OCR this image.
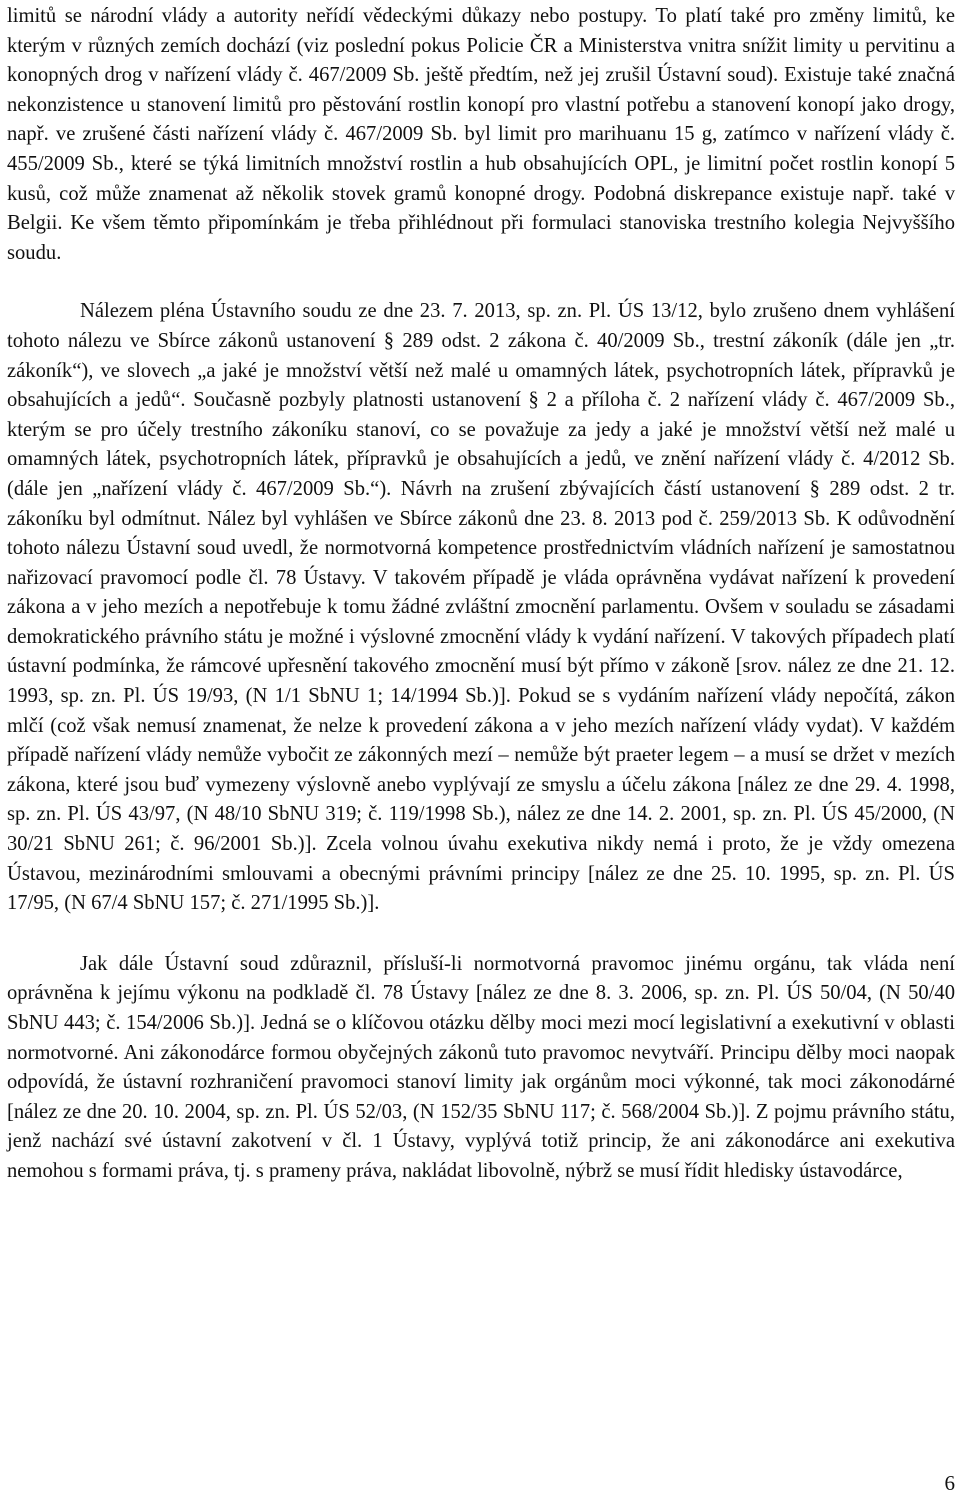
limitů se národní vlády a autority neřídí vědeckými důkazy nebo postupy. To platí také pro změny limitů, ke kterým v různých zemích dochází (viz poslední pokus Policie ČR a Ministerstva vnitra snížit limity u pervitinu a konopných drog v nařízení vlády č. 467/2009 Sb. ještě předtím, než jej zrušil Ústavní soud). Existuje také značná nekonzistence u stanovení limitů pro pěstování rostlin konopí pro vlastní potřebu a stanovení konopí jako drogy, např. ve zrušené části nařízení vlády č. 467/2009 Sb. byl limit pro marihuanu 15 g, zatímco v nařízení vlády č. 455/2009 Sb., které se týká limitních množství rostlin a hub obsahujících OPL, je limitní počet rostlin konopí 5 kusů, což může znamenat až několik stovek gramů konopné drogy. Podobná diskrepance existuje např. také v Belgii. Ke všem těmto připomínkám je třeba přihlédnout při formulaci stanoviska trestního kolegia Nejvyššího soudu.

Nálezem pléna Ústavního soudu ze dne 23. 7. 2013, sp. zn. Pl. ÚS 13/12, bylo zrušeno dnem vyhlášení tohoto nálezu ve Sbírce zákonů ustanovení § 289 odst. 2 zákona č. 40/2009 Sb., trestní zákoník (dále jen „tr. zákoník“), ve slovech „a jaké je množství větší než malé u omamných látek, psychotropních látek, přípravků je obsahujících a jedů“. Současně pozbyly platnosti ustanovení § 2 a příloha č. 2 nařízení vlády č. 467/2009 Sb., kterým se pro účely trestního zákoníku stanoví, co se považuje za jedy a jaké je množství větší než malé u omamných látek, psychotropních látek, přípravků je obsahujících a jedů, ve znění nařízení vlády č. 4/2012 Sb. (dále jen „nařízení vlády č. 467/2009 Sb.“). Návrh na zrušení zbývajících částí ustanovení § 289 odst. 2 tr. zákoníku byl odmítnut. Nález byl vyhlášen ve Sbírce zákonů dne 23. 8. 2013 pod č. 259/2013 Sb. K odůvodnění tohoto nálezu Ústavní soud uvedl, že normotvorná kompetence prostřednictvím vládních nařízení je samostatnou nařizovací pravomocí podle čl. 78 Ústavy. V takovém případě je vláda oprávněna vydávat nařízení k provedení zákona a v jeho mezích a nepotřebuje k tomu žádné zvláštní zmocnění parlamentu. Ovšem v souladu se zásadami demokratického právního státu je možné i výslovné zmocnění vlády k vydání nařízení. V takových případech platí ústavní podmínka, že rámcové upřesnění takového zmocnění musí být přímo v zákoně [srov. nález ze dne 21. 12. 1993, sp. zn. Pl. ÚS 19/93, (N 1/1 SbNU 1; 14/1994 Sb.)]. Pokud se s vydáním nařízení vlády nepočítá, zákon mlčí (což však nemusí znamenat, že nelze k provedení zákona a v jeho mezích nařízení vlády vydat). V každém případě nařízení vlády nemůže vybočit ze zákonných mezí – nemůže být praeter legem – a musí se držet v mezích zákona, které jsou buď vymezeny výslovně anebo vyplývají ze smyslu a účelu zákona [nález ze dne 29. 4. 1998, sp. zn. Pl. ÚS 43/97, (N 48/10 SbNU 319; č. 119/1998 Sb.), nález ze dne 14. 2. 2001, sp. zn. Pl. ÚS 45/2000, (N 30/21 SbNU 261; č. 96/2001 Sb.)]. Zcela volnou úvahu exekutiva nikdy nemá i proto, že je vždy omezena Ústavou, mezinárodními smlouvami a obecnými právními principy [nález ze dne 25. 10. 1995, sp. zn. Pl. ÚS 17/95, (N 67/4 SbNU 157; č. 271/1995 Sb.)].

Jak dále Ústavní soud zdůraznil, přísluší-li normotvorná pravomoc jinému orgánu, tak vláda není oprávněna k jejímu výkonu na podkladě čl. 78 Ústavy [nález ze dne 8. 3. 2006, sp. zn. Pl. ÚS 50/04, (N 50/40 SbNU 443; č. 154/2006 Sb.)]. Jedná se o klíčovou otázku dělby moci mezi mocí legislativní a exekutivní v oblasti normotvorné. Ani zákonodárce formou obyčejných zákonů tuto pravomoc nevytváří. Principu dělby moci naopak odpovídá, že ústavní rozhraničení pravomoci stanoví limity jak orgánům moci výkonné, tak moci zákonodárné [nález ze dne 20. 10. 2004, sp. zn. Pl. ÚS 52/03, (N 152/35 SbNU 117; č. 568/2004 Sb.)]. Z pojmu právního státu, jenž nachází své ústavní zakotvení v čl. 1 Ústavy, vyplývá totiž princip, že ani zákonodárce ani exekutiva nemohou s formami práva, tj. s prameny práva, nakládat libovolně, nýbrž se musí řídit hledisky ústavodárce,

6
